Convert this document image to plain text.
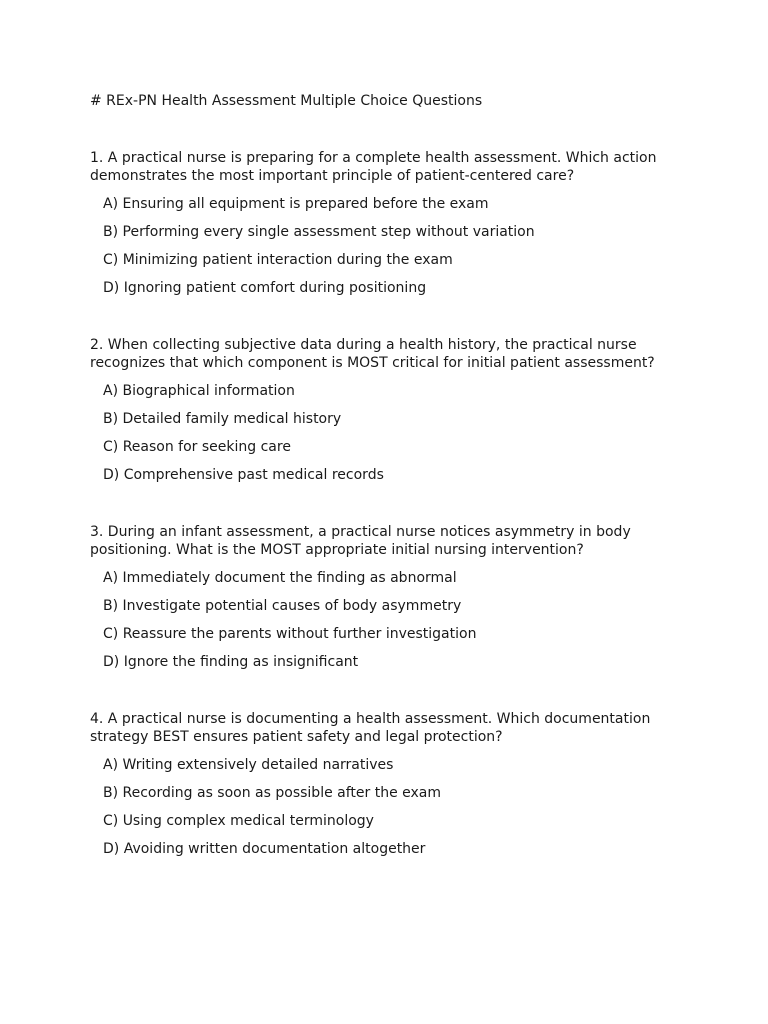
# REx-PN Health Assessment Multiple Choice Questions

1. A practical nurse is preparing for a complete health assessment. Which action demonstrates the most important principle of patient-centered care?

A) Ensuring all equipment is prepared before the exam
B) Performing every single assessment step without variation
C) Minimizing patient interaction during the exam
D) Ignoring patient comfort during positioning

2. When collecting subjective data during a health history, the practical nurse recognizes that which component is MOST critical for initial patient assessment?

A) Biographical information
B) Detailed family medical history
C) Reason for seeking care
D) Comprehensive past medical records

3. During an infant assessment, a practical nurse notices asymmetry in body positioning. What is the MOST appropriate initial nursing intervention?

A) Immediately document the finding as abnormal
B) Investigate potential causes of body asymmetry
C) Reassure the parents without further investigation
D) Ignore the finding as insignificant

4. A practical nurse is documenting a health assessment. Which documentation strategy BEST ensures patient safety and legal protection?

A) Writing extensively detailed narratives
B) Recording as soon as possible after the exam
C) Using complex medical terminology
D) Avoiding written documentation altogether
